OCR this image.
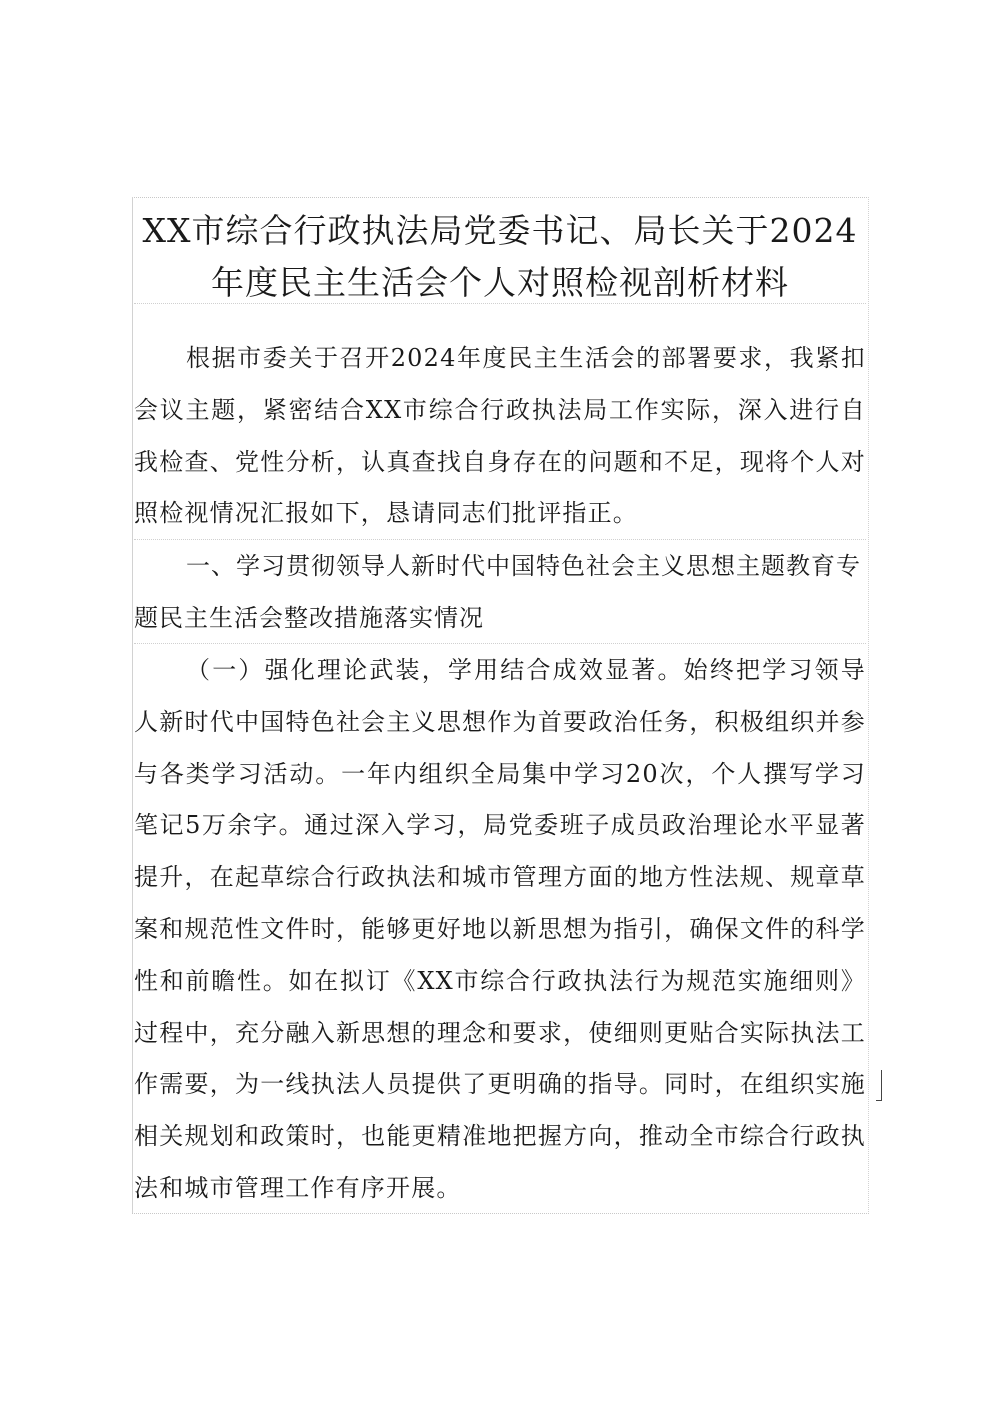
XX市综合行政执法局党委书记、局长关于2024年度民主生活会个人对照检视剖析材料

根据市委关于召开2024年度民主生活会的部署要求，我紧扣会议主题，紧密结合XX市综合行政执法局工作实际，深入进行自我检查、党性分析，认真查找自身存在的问题和不足，现将个人对照检视情况汇报如下，恳请同志们批评指正。

一、学习贯彻领导人新时代中国特色社会主义思想主题教育专题民主生活会整改措施落实情况

（一）强化理论武装，学用结合成效显著。始终把学习领导人新时代中国特色社会主义思想作为首要政治任务，积极组织并参与各类学习活动。一年内组织全局集中学习20次，个人撰写学习笔记5万余字。通过深入学习，局党委班子成员政治理论水平显著提升，在起草综合行政执法和城市管理方面的地方性法规、规章草案和规范性文件时，能够更好地以新思想为指引，确保文件的科学性和前瞻性。如在拟订《XX市综合行政执法行为规范实施细则》过程中，充分融入新思想的理念和要求，使细则更贴合实际执法工作需要，为一线执法人员提供了更明确的指导。同时，在组织实施相关规划和政策时，也能更精准地把握方向，推动全市综合行政执法和城市管理工作有序开展。
